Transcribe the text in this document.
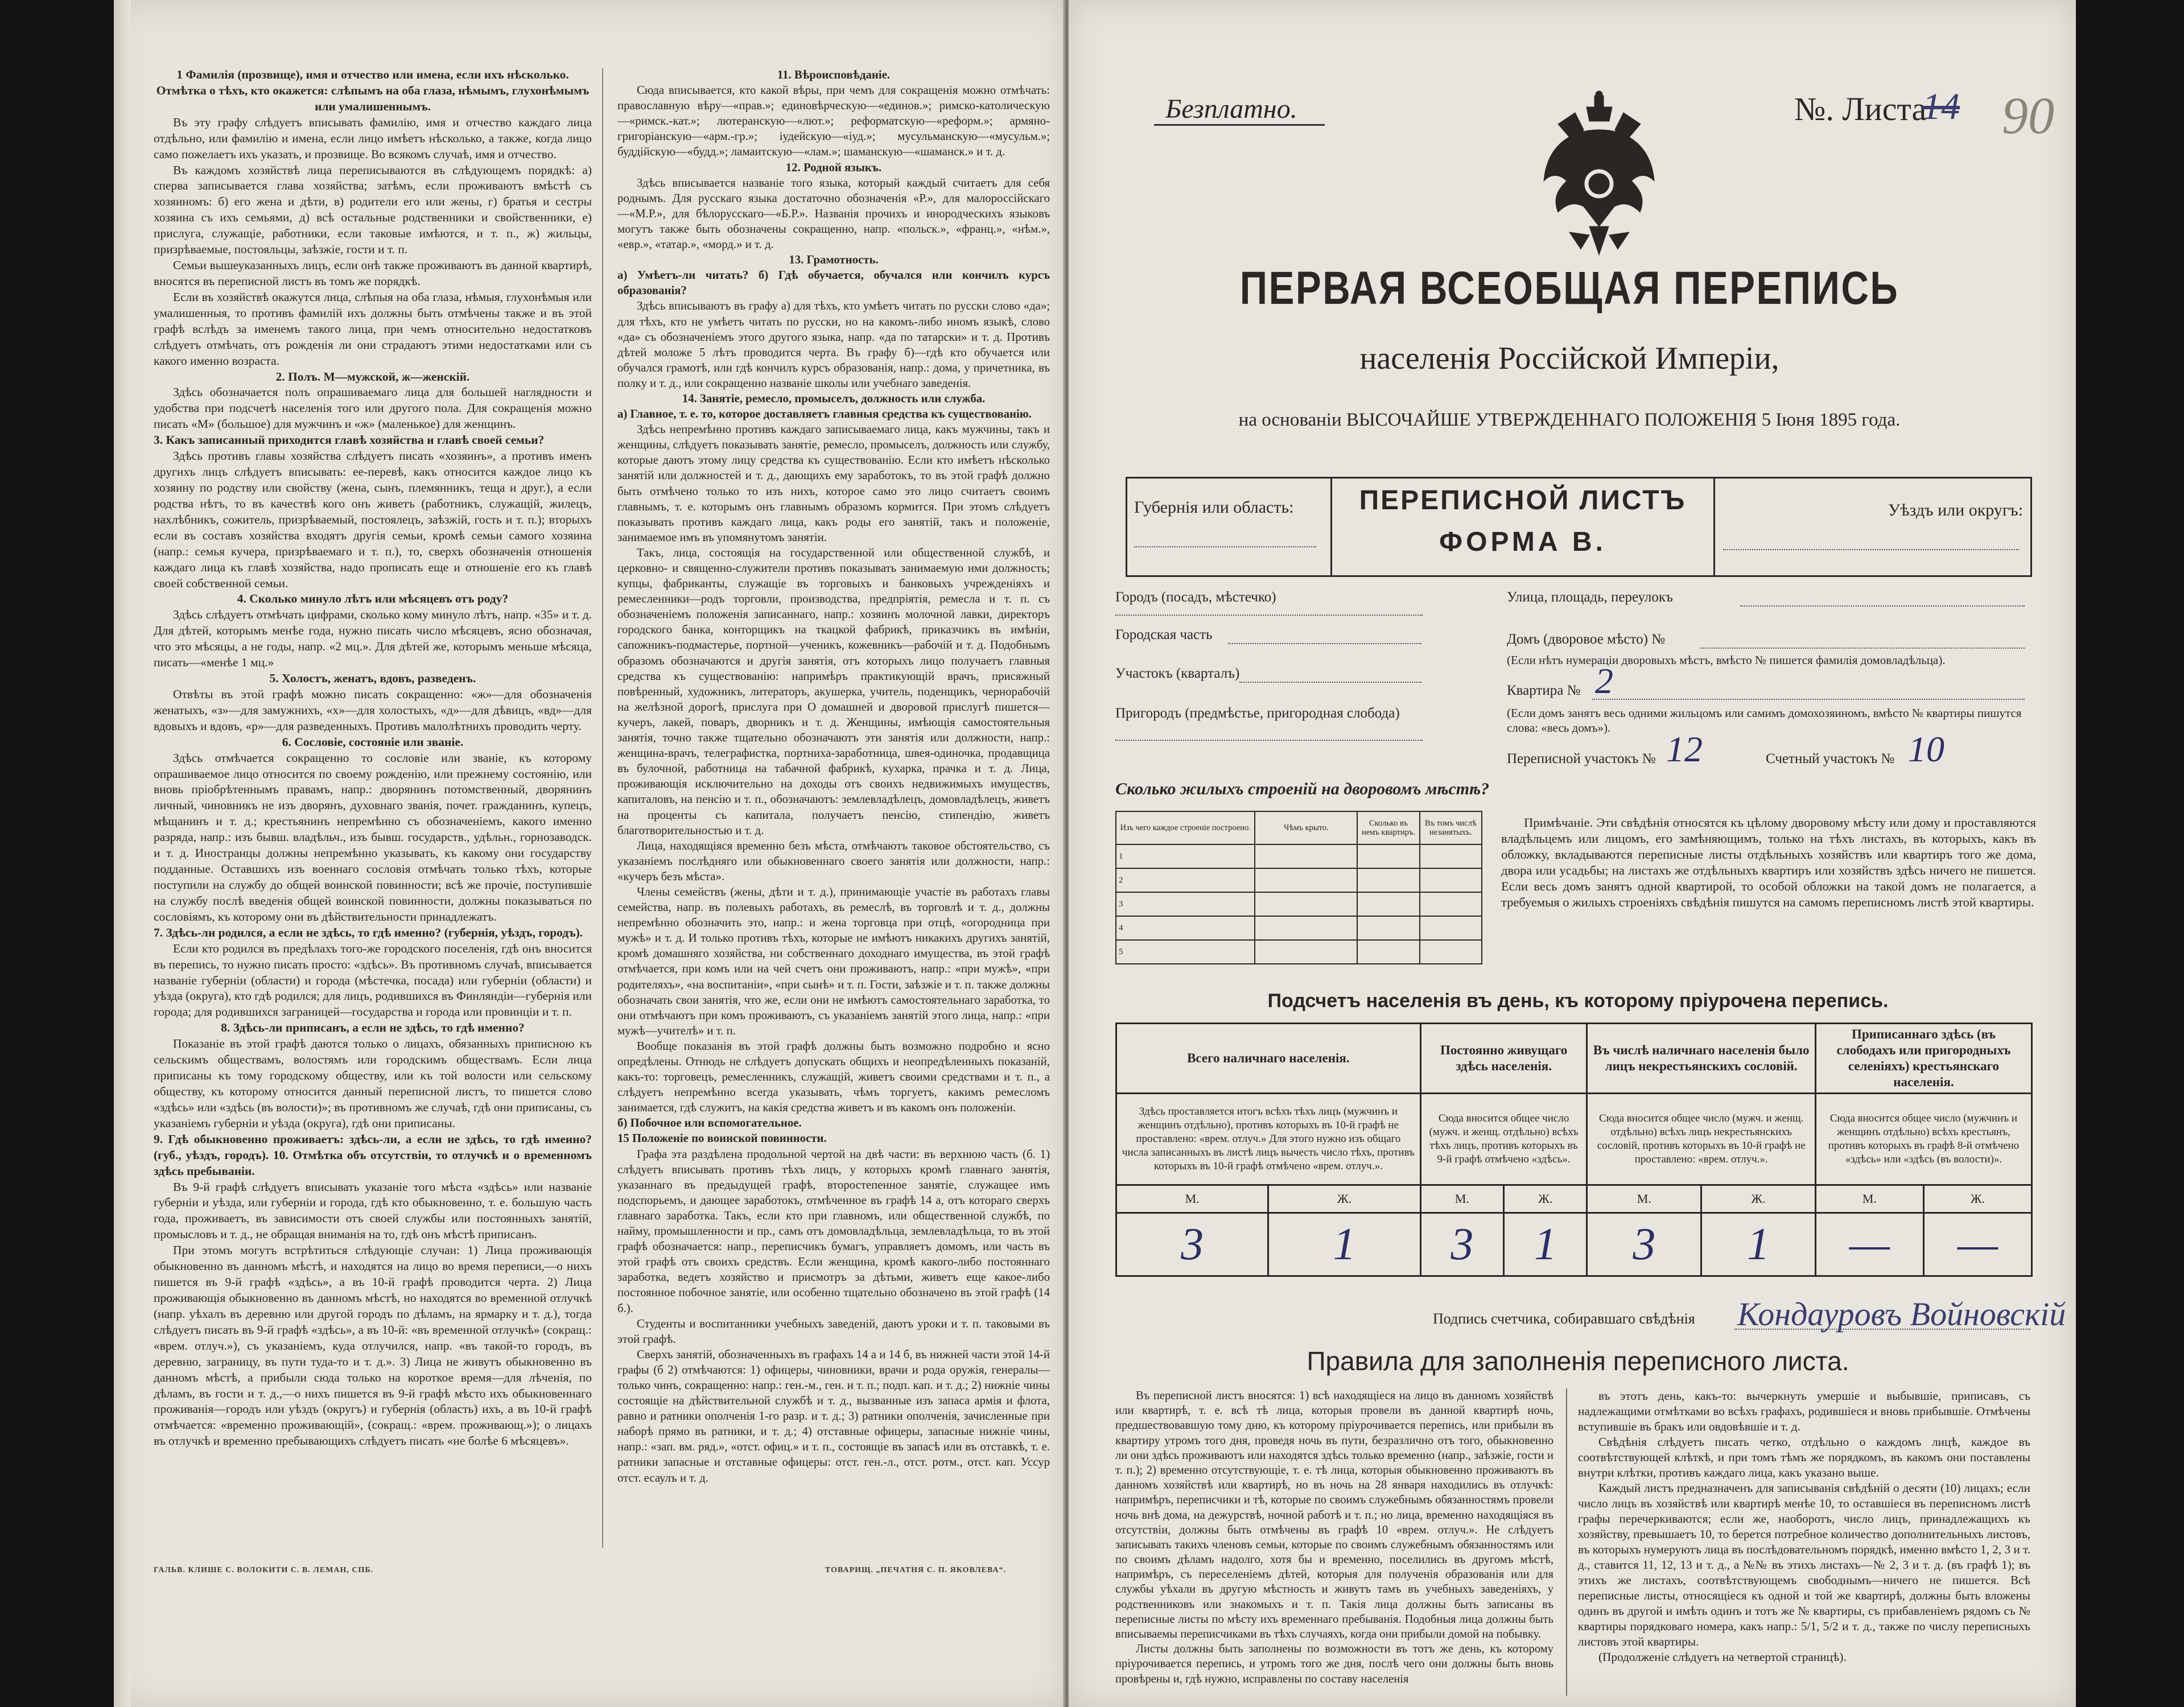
1 Фамилія (прозвище), имя и отчество или имена, если ихъ нѣсколько.

Отмѣтка о тѣхъ, кто окажется: слѣпымъ на оба глаза, нѣмымъ, глухонѣмымъ или умалишеннымъ.

Въ эту графу слѣдуетъ вписывать фамилію, имя и отчество каждаго лица отдѣльно, или фамилію и имена, если лицо имѣетъ нѣсколько, а также, когда лицо само пожелаетъ ихъ указать, и прозвище. Во всякомъ случаѣ, имя и отчество.

Въ каждомъ хозяйствѣ лица переписываются въ слѣдующемъ порядкѣ: а) сперва записывается глава хозяйства; затѣмъ, если проживаютъ вмѣстѣ съ хозяиномъ: б) его жена и дѣти, в) родители его или жены, г) братья и сестры хозяина съ ихъ семьями, д) всѣ остальные родственники и свойственники, е) прислуга, служащіе, работники, если таковые имѣются, и т. п., ж) жильцы, призрѣваемые, постояльцы, заѣзжіе, гости и т. п.

Семьи вышеуказанныхъ лицъ, если онѣ также проживаютъ въ данной квартирѣ, вносятся въ переписной листъ въ томъ же порядкѣ.

Если въ хозяйствѣ окажутся лица, слѣпыя на оба глаза, нѣмыя, глухонѣмыя или умалишенныя, то противъ фамилій ихъ должны быть отмѣчены также и въ этой графѣ вслѣдъ за именемъ такого лица, при чемъ относительно недостатковъ слѣдуетъ отмѣчать, отъ рожденія ли они страдаютъ этими недостатками или съ какого именно возраста.

2. Полъ. М—мужской, ж—женскій.

Здѣсь обозначается полъ опрашиваемаго лица для большей наглядности и удобства при подсчетѣ населенія того или другого пола. Для сокращенія можно писать «М» (большое) для мужчинъ и «ж» (маленькое) для женщинъ.

3. Какъ записанный приходится главѣ хозяйства и главѣ своей семьи?

Здѣсь противъ главы хозяйства слѣдуетъ писать «хозяинъ», а противъ именъ другихъ лицъ слѣдуетъ вписывать: ее-перевѣ, какъ относится каждое лицо къ хозяину по родству или свойству (жена, сынъ, племянникъ, теща и друг.), а если родства нѣтъ, то въ качествѣ кого онъ живетъ (работникъ, служащій, жилецъ, нахлѣбникъ, сожитель, призрѣваемый, постоялецъ, заѣзжій, гость и т. п.); вторыхъ если въ составъ хозяйства входятъ другія семьи, кромѣ семьи самого хозяина (напр.: семья кучера, призрѣваемаго и т. п.), то, сверхъ обозначенія отношенія каждаго лица къ главѣ хозяйства, надо прописать еще и отношеніе его къ главѣ своей собственной семьи.

4. Сколько минуло лѣтъ или мѣсяцевъ отъ роду?

Здѣсь слѣдуетъ отмѣчать цифрами, сколько кому минуло лѣтъ, напр. «35» и т. д. Для дѣтей, которымъ менѣе года, нужно писать число мѣсяцевъ, ясно обозначая, что это мѣсяцы, а не годы, напр. «2 мц.». Для дѣтей же, которымъ меньше мѣсяца, писать—«менѣе 1 мц.»

5. Холостъ, женатъ, вдовъ, разведенъ.

Отвѣты въ этой графѣ можно писать сокращенно: «ж»—для обозначенія женатыхъ, «з»—для замужнихъ, «х»—для холостыхъ, «д»—для дѣвицъ, «вд»—для вдовыхъ и вдовъ, «р»—для разведенныхъ. Противъ малолѣтнихъ проводить черту.

6. Сословіе, состояніе или званіе.

Здѣсь отмѣчается сокращенно то сословіе или званіе, къ которому опрашиваемое лицо относится по своему рожденію, или прежнему состоянію, или вновь пріобрѣтеннымъ правамъ, напр.: дворянинъ потомственный, дворянинъ личный, чиновникъ не изъ дворянъ, духовнаго званія, почет. гражданинъ, купецъ, мѣщанинъ и т. д.; крестьянинъ непремѣнно съ обозначеніемъ, какого именно разряда, напр.: изъ бывш. владѣльч., изъ бывш. государств., удѣльн., горнозаводск. и т. д. Иностранцы должны непремѣнно указывать, къ какому они государству подданные. Оставшихъ изъ военнаго сословія отмѣчать только тѣхъ, которые поступили на службу до общей воинской повинности; всѣ же прочіе, поступившіе на службу послѣ введенія общей воинской повинности, должны показываться по сословіямъ, къ которому они въ дѣйствительности принадлежатъ.

7. Здѣсь-ли родился, а если не здѣсь, то гдѣ именно? (губернія, уѣздъ, городъ).

Если кто родился въ предѣлахъ того-же городского поселенія, гдѣ онъ вносится въ перепись, то нужно писать просто: «здѣсь». Въ противномъ случаѣ, вписывается названіе губерніи (области) и города (мѣстечка, посада) или губерніи (области) и уѣзда (округа), кто гдѣ родился; для лицъ, родившихся въ Финляндіи—губернія или города; для родившихся заграницей—государства и города или провинціи и т. п.

8. Здѣсь-ли приписанъ, а если не здѣсь, то гдѣ именно?

Показаніе въ этой графѣ даются только о лицахъ, обязанныхъ приписною къ сельскимъ обществамъ, волостямъ или городскимъ обществамъ. Если лица приписаны къ тому городскому обществу, или къ той волости или сельскому обществу, къ которому относится данный переписной листъ, то пишется слово «здѣсь» или «здѣсь (въ волости)»; въ противномъ же случаѣ, гдѣ они приписаны, съ указаніемъ губерніи и уѣзда (округа), гдѣ они приписаны.

9. Гдѣ обыкновенно проживаетъ: здѣсь-ли, а если не здѣсь, то гдѣ именно? (губ., уѣздъ, городъ). 10. Отмѣтка объ отсутствіи, то отлучкѣ и о временномъ здѣсь пребываніи.

Въ 9-й графѣ слѣдуетъ вписывать указаніе того мѣста «здѣсь» или названіе губерніи и уѣзда, или губерніи и города, гдѣ кто обыкновенно, т. е. большую часть года, проживаетъ, въ зависимости отъ своей службы или постоянныхъ занятій, промысловъ и т. д., не обращая вниманія на то, гдѣ онъ мѣстѣ приписанъ.

При этомъ могутъ встрѣтиться слѣдующіе случаи: 1) Лица проживающія обыкновенно въ данномъ мѣстѣ, и находятся на лицо во время переписи,—о нихъ пишется въ 9-й графѣ «здѣсь», а въ 10-й графѣ проводится черта. 2) Лица проживающія обыкновенно въ данномъ мѣстѣ, но находятся во временной отлучкѣ (напр. уѣхалъ въ деревню или другой городъ по дѣламъ, на ярмарку и т. д.), тогда слѣдуетъ писать въ 9-й графѣ «здѣсь», а въ 10-й: «въ временной отлучкѣ» (сокращ.: «врем. отлуч.»), съ указаніемъ, куда отлучился, напр. «въ такой-то городъ, въ деревню, заграницу, въ пути туда-то и т. д.». 3) Лица не живутъ обыкновенно въ данномъ мѣстѣ, а прибыли сюда только на короткое время—для лѣченія, по дѣламъ, въ гости и т. д.,—о нихъ пишется въ 9-й графѣ мѣсто ихъ обыкновеннаго проживанія—городъ или уѣздъ (округъ) и губернія (область) ихъ, а въ 10-й графѣ отмѣчается: «временно проживающій», (сокращ.: «врем. проживающ.»); о лицахъ въ отлучкѣ и временно пребывающихъ слѣдуетъ писать «не болѣе 6 мѣсяцевъ».

11. Вѣроисповѣданіе.

Сюда вписывается, кто какой вѣры, при чемъ для сокращенія можно отмѣчать: православную вѣру—«прав.»; единовѣрческую—«единов.»; римско-католическую—«римск.-кат.»; лютеранскую—«лют.»; реформатскую—«реформ.»; армяно-григоріанскую—«арм.-гр.»; іудейскую—«іуд.»; мусульманскую—«мусульм.»; буддійскую—«будд.»; ламаитскую—«лам.»; шаманскую—«шаманск.» и т. д.

12. Родной языкъ.

Здѣсь вписывается названіе того языка, который каждый считаетъ для себя роднымъ. Для русскаго языка достаточно обозначенія «Р.», для малороссійскаго—«М.Р.», для бѣлорусскаго—«Б.Р.». Названія прочихъ и инородческихъ языковъ могутъ также быть обозначены сокращенно, напр. «польск.», «франц.», «нѣм.», «евр.», «татар.», «морд.» и т. д.

13. Грамотность.

а) Умѣетъ-ли читать? б) Гдѣ обучается, обучался или кончилъ курсъ образованія?

Здѣсь вписываютъ въ графу а) для тѣхъ, кто умѣетъ читать по русски слово «да»; для тѣхъ, кто не умѣетъ читать по русски, но на какомъ-либо иномъ языкѣ, слово «да» съ обозначеніемъ этого другого языка, напр. «да по татарски» и т. д. Противъ дѣтей моложе 5 лѣтъ проводится черта. Въ графу б)—гдѣ кто обучается или обучался грамотѣ, или гдѣ кончилъ курсъ образованія, напр.: дома, у причетника, въ полку и т. д., или сокращенно названіе школы или учебнаго заведенія.

14. Занятіе, ремесло, промыселъ, должность или служба.

а) Главное, т. е. то, которое доставляетъ главныя средства къ существованію.

Здѣсь непремѣнно противъ каждаго записываемаго лица, какъ мужчины, такъ и женщины, слѣдуетъ показывать занятіе, ремесло, промыселъ, должность или службу, которые даютъ этому лицу средства къ существованію. Если кто имѣетъ нѣсколько занятій или должностей и т. д., дающихъ ему заработокъ, то въ этой графѣ должно быть отмѣчено только то изъ нихъ, которое само это лицо считаетъ своимъ главнымъ, т. е. которымъ онъ главнымъ образомъ кормится. При этомъ слѣдуетъ показывать противъ каждаго лица, какъ роды его занятій, такъ и положеніе, занимаемое имъ въ упомянутомъ занятіи.

Такъ, лица, состоящія на государственной или общественной службѣ, и церковно- и священно-служители противъ показывать занимаемую ими должность; купцы, фабриканты, служащіе въ торговыхъ и банковыхъ учрежденіяхъ и ремесленники—родъ торговли, производства, предпріятія, ремесла и т. п. съ обозначеніемъ положенія записаннаго, напр.: хозяинъ молочной лавки, директоръ городского банка, конторщикъ на ткацкой фабрикѣ, приказчикъ въ имѣніи, сапожникъ-подмастерье, портной—ученикъ, кожевникъ—рабочій и т. д. Подобнымъ образомъ обозначаются и другія занятія, отъ которыхъ лицо получаетъ главныя средства къ существованію: напримѣръ практикующій врачъ, присяжный повѣренный, художникъ, литераторъ, акушерка, учитель, поденщикъ, чернорабочій на желѣзной дорогѣ, прислуга при О домашней и дворовой прислугѣ пишется—кучеръ, лакей, поваръ, дворникъ и т. д. Женщины, имѣющія самостоятельныя занятія, точно также тщательно обозначаютъ эти занятія или должности, напр.: женщина-врачъ, телеграфистка, портниха-заработница, швея-одиночка, продавщица въ булочной, работница на табачной фабрикѣ, кухарка, прачка и т. д. Лица, проживающія исключительно на доходы отъ своихъ недвижимыхъ имуществъ, капиталовъ, на пенсію и т. п., обозначаютъ: землевладѣлецъ, домовладѣлецъ, живетъ на проценты съ капитала, получаетъ пенсію, стипендію, живетъ благотворительностью и т. д.

Лица, находящіяся временно безъ мѣста, отмѣчаютъ таковое обстоятельство, съ указаніемъ послѣдняго или обыкновеннаго своего занятія или должности, напр.: «кучеръ безъ мѣста».

Члены семействъ (жены, дѣти и т. д.), принимающіе участіе въ работахъ главы семейства, напр. въ полевыхъ работахъ, въ ремеслѣ, въ торговлѣ и т. д., должны непремѣнно обозначить это, напр.: и жена торговца при отцѣ, «огородница при мужѣ» и т. д. И только противъ тѣхъ, которые не имѣютъ никакихъ другихъ занятій, кромѣ домашняго хозяйства, ни собственнаго доходнаго имущества, въ этой графѣ отмѣчается, при комъ или на чей счетъ они проживаютъ, напр.: «при мужѣ», «при родителяхъ», «на воспитаніи», «при сынѣ» и т. п. Гости, заѣзжіе и т. п. также должны обозначать свои занятія, что же, если они не имѣютъ самостоятельнаго заработка, то они отмѣчаютъ при комъ проживаютъ, съ указаніемъ занятій этого лица, напр.: «при мужѣ—учителѣ» и т. п.

Вообще показанія въ этой графѣ должны быть возможно подробно и ясно опредѣлены. Отнюдь не слѣдуетъ допускать общихъ и неопредѣленныхъ показаній, какъ-то: торговецъ, ремесленникъ, служащій, живетъ своими средствами и т. п., а слѣдуетъ непремѣнно всегда указывать, чѣмъ торгуетъ, какимъ ремесломъ занимается, гдѣ служитъ, на какія средства живетъ и въ какомъ онъ положеніи.

б) Побочное или вспомогательное.

15 Положеніе по воинской повинности.

Графа эта раздѣлена продольной чертой на двѣ части: въ верхнюю часть (б. 1) слѣдуетъ вписывать противъ тѣхъ лицъ, у которыхъ кромѣ главнаго занятія, указаннаго въ предыдущей графѣ, второстепенное занятіе, служащее имъ подспорьемъ, и дающее заработокъ, отмѣченное въ графѣ 14 а, отъ котораго сверхъ главнаго заработка. Такъ, если кто при главномъ, или общественной службѣ, по найму, промышленности и пр., самъ отъ домовладѣльца, землевладѣльца, то въ этой графѣ обозначается: напр., переписчикъ бумагъ, управляетъ домомъ, или часть въ этой графѣ отъ своихъ средствъ. Если женщина, кромѣ какого-либо постояннаго заработка, ведетъ хозяйство и присмотръ за дѣтьми, живетъ еще какое-либо постоянное побочное занятіе, или особенно тщательно обозначено въ этой графѣ (14 б.).

Студенты и воспитанники учебныхъ заведеній, даютъ уроки и т. п. таковыми въ этой графѣ.

Сверхъ занятій, обозначенныхъ въ графахъ 14 а и 14 б, въ нижней части этой 14-й графы (б 2) отмѣчаются: 1) офицеры, чиновники, врачи и рода оружія, генералы—только чинъ, сокращенно: напр.: ген.-м., ген. и т. п.; подп. кап. и т. д.; 2) нижніе чины состоящіе на дѣйствительной службѣ и т. д., вызванные изъ запаса армія и флота, равно и ратники ополченія 1-го разр. и т. д.; 3) ратники ополченія, зачисленные при наборѣ прямо въ ратники, и т. д.; 4) отставные офицеры, запасные нижніе чины, напр.: «зап. вм. ряд.», «отст. офиц.» и т. п., состоящіе въ запасѣ или въ отставкѣ, т. е. ратники запасные и отставные офицеры: отст. ген.-л., отст. ротм., отст. кап. Уссур отст. есаулъ и т. д.

ГАЛЬВ. КЛИШЕ С. ВОЛОКИТИ С. В. ЛЕМАН, СПБ.	ТОВАРИЩ. „ПЕЧАТНЯ С. П. ЯКОВЛЕВА“.
Безплатно.	№. Листа
14 90
ПЕРВАЯ ВСЕОБЩАЯ ПЕРЕПИСЬ
населенія Россійской Имперіи,
на основаніи ВЫСОЧАЙШЕ УТВЕРЖДЕННАГО ПОЛОЖЕНІЯ 5 Іюня 1895 года.
Губернія или область:	ПЕРЕПИСНОЙ ЛИСТЪ
ФОРМА В.
Уѣздъ или округъ:
Городъ (посадъ, мѣстечко)
Городская часть
Участокъ (кварталъ)
Пригородъ (предмѣстье, пригородная слобода)
Улица, площадь, переулокъ
Домъ (дворовое мѣсто) №
(Если нѣтъ нумераціи дворовыхъ мѣстъ, вмѣсто № пишется фамилія домовладѣльца).
Квартира № 2
(Если домъ занятъ весь одними жильцомъ или самимъ домохозяиномъ, вмѣсто № квартиры пишутся слова: «весь домъ»).
Переписной участокъ № 12	Счетный участокъ № 10
Сколько жилыхъ строеній на дворовомъ мѣстѣ?
Изъ чего каждое строеніе построено.	Чѣмъ крыто.	Сколько въ немъ квартиръ.	Въ томъ числѣ незанятыхъ.
1			
2			
3			
4			
5			
Примѣчаніе. Эти свѣдѣнія относятся къ цѣлому дворовому мѣсту или дому и проставляются владѣльцемъ или лицомъ, его замѣняющимъ, только на тѣхъ листахъ, въ которыхъ, какъ въ обложку, вкладываются переписные листы отдѣльныхъ хозяйствъ или квартиръ того же дома, двора или усадьбы; на листахъ же отдѣльныхъ квартиръ или хозяйствъ здѣсь ничего не пишется. Если весь домъ занятъ одной квартирой, то особой обложки на такой домъ не полагается, а требуемыя о жилыхъ строеніяхъ свѣдѣнія пишутся на самомъ переписномъ листѣ этой квартиры.
Подсчетъ населенія въ день, къ которому пріурочена перепись.
Всего наличнаго населенія.		Постоянно живущаго здѣсь населенія.		Въ числѣ наличнаго населенія было лицъ некрестьянскихъ сословій.		Приписаннаго здѣсь (въ слободахъ или пригородныхъ селеніяхъ) крестьянскаго населенія.	
Здѣсь проставляется итогъ всѣхъ тѣхъ лицъ (мужчинъ и женщинъ отдѣльно), противъ которыхъ въ 10-й графѣ не проставлено: «врем. отлуч.» Для этого нужно изъ общаго числа записанныхъ въ листѣ лицъ вычесть число тѣхъ, противъ которыхъ въ 10-й графѣ отмѣчено «врем. отлуч.».		Сюда вносится общее число (мужч. и женщ. отдѣльно) всѣхъ тѣхъ лицъ, противъ которыхъ въ 9-й графѣ отмѣчено «здѣсь».		Сюда вносится общее число (мужч. и женщ. отдѣльно) всѣхъ лицъ некрестьянскихъ сословій, противъ которыхъ въ 10-й графѣ не проставлено: «врем. отлуч.».		Сюда вносится общее число (мужчинъ и женщинъ отдѣльно) всѣхъ крестьянъ, противъ которыхъ въ графѣ 8-й отмѣчено «здѣсь» или «здѣсь (въ волости)».	
М.	Ж.	М.	Ж.	М.	Ж.	М.	Ж.
3	1	3	1	3	1	—	—
Подпись счетчика, собиравшаго свѣдѣнія Кондауровъ Войновскій
Правила для заполненія переписного листа.

Въ переписной листъ вносятся: 1) всѣ находящіеся на лицо въ данномъ хозяйствѣ или квартирѣ, т. е. всѣ тѣ лица, которыя провели въ данной квартирѣ ночь, предшествовавшую тому дню, къ которому пріурочивается перепись, или прибыли въ квартиру утромъ того дня, проведя ночь въ пути, безразлично отъ того, обыкновенно ли они здѣсь проживаютъ или находятся здѣсь только временно (напр., заѣзжіе, гости и т. п.); 2) временно отсутствующіе, т. е. тѣ лица, которыя обыкновенно проживаютъ въ данномъ хозяйствѣ или квартирѣ, но въ ночь на 28 января находились въ отлучкѣ: напримѣръ, переписчики и тѣ, которые по своимъ служебнымъ обязанностямъ провели ночь внѣ дома, на дежурствѣ, ночной работѣ и т. п.; но лица, временно находящіяся въ отсутствіи, должны быть отмѣчены въ графѣ 10 «врем. отлуч.». Не слѣдуетъ записывать такихъ членовъ семьи, которые по своимъ служебнымъ обязанностямъ или по своимъ дѣламъ надолго, хотя бы и временно, поселились въ другомъ мѣстѣ, напримѣръ, съ переселеніемъ дѣтей, которыя для полученія образованія или для службы уѣхали въ другую мѣстность и живутъ тамъ въ учебныхъ заведеніяхъ, у родственниковъ или знакомыхъ и т. п. Такія лица должны быть записаны въ переписные листы по мѣсту ихъ временнаго пребыванія. Подобныя лица должны быть вписываемы переписчиками въ тѣхъ случаяхъ, когда они прибыли домой на побывку.

Листы должны быть заполнены по возможности въ тотъ же день, къ которому пріурочивается перепись, и утромъ того же дня, послѣ чего они должны быть вновь провѣрены и, гдѣ нужно, исправлены по составу населенія

въ этотъ день, какъ-то: вычеркнуть умершіе и выбывшіе, приписавъ, съ надлежащими отмѣтками во всѣхъ графахъ, родившіеся и вновь прибывшіе. Отмѣчены вступившіе въ бракъ или овдовѣвшіе и т. д.

Свѣдѣнія слѣдуетъ писать четко, отдѣльно о каждомъ лицѣ, каждое въ соотвѣтствующей клѣткѣ, и при томъ тѣмъ же порядкомъ, въ какомъ они поставлены внутри клѣтки, противъ каждаго лица, какъ указано выше.

Каждый листъ предназначенъ для записыванія свѣдѣній о десяти (10) лицахъ; если число лицъ въ хозяйствѣ или квартирѣ менѣе 10, то оставшіеся въ переписномъ листѣ графы перечеркиваются; если же, наоборотъ, число лицъ, принадлежащихъ къ хозяйству, превышаетъ 10, то берется потребное количество дополнительныхъ листовъ, въ которыхъ нумеруютъ лица въ послѣдовательномъ порядкѣ, именно вмѣсто 1, 2, 3 и т. д., ставится 11, 12, 13 и т. д., а №№ въ этихъ листахъ—№ 2, 3 и т. д. (въ графѣ 1); въ этихъ же листахъ, соотвѣтствующемъ свободнымъ—ничего не пишется. Всѣ переписные листы, относящіеся къ одной и той же квартирѣ, должны быть вложены одинъ въ другой и имѣть одинъ и тотъ же № квартиры, съ прибавленіемъ рядомъ съ № квартиры порядковаго номера, какъ напр.: 5/1, 5/2 и т. д., также по числу переписныхъ листовъ этой квартиры.

(Продолженіе слѣдуетъ на четвертой страницѣ).
